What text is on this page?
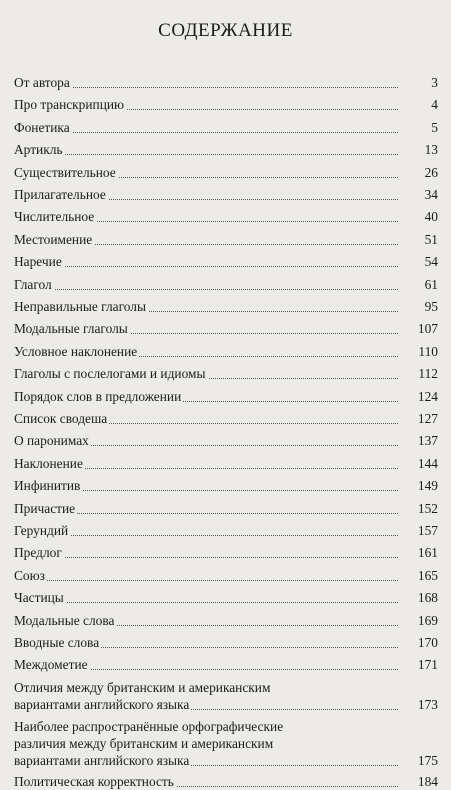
СОДЕРЖАНИЕ
От автора	3
Про транскрипцию	4
Фонетика	5
Артикль	13
Существительное	26
Прилагательное	34
Числительное	40
Местоимение	51
Наречие	54
Глагол	61
Неправильные глаголы	95
Модальные глаголы	107
Условное наклонение	110
Глаголы с послелогами и идиомы	112
Порядок слов в предложении	124
Список сводеша	127
О паронимах	137
Наклонение	144
Инфинитив	149
Причастие	152
Герундий	157
Предлог	161
Союз	165
Частицы	168
Модальные слова	169
Вводные слова	170
Междометие	171
Отличия между британским и американским
вариантами английского языка	173
Наиболее распространённые орфографические
различия между британским и американским
вариантами английского языка	175
Политическая корректность	184
